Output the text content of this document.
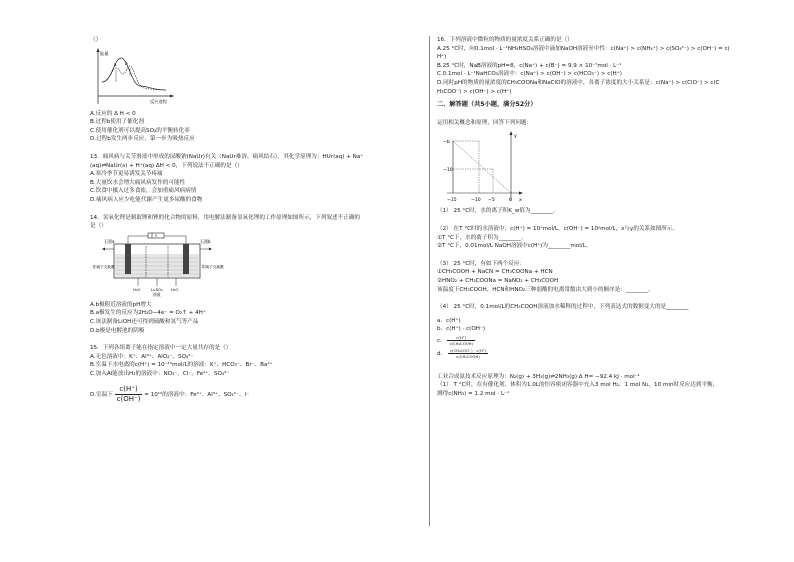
（）
a b
能量
反应进程
A.反应的 Δ H < 0
B.过程b使用了催化剂
C.使用催化剂可以提高SO₂的平衡转化率
D.过程b发生两步反应，第一步为吸热反应
13．痛风病与关节滑液中形成的尿酸钠(NaUr)有关（NaUr难溶，痛风结石），其化学原理为：HUr(aq) + Na⁺
(aq)⇌NaUr(s) + H⁺(aq) ΔH < 0，下列说法不正确的是（）
A.寒冷季节更易诱发关节疼痛
B.大量饮水会增大痛风病发作的可能性
C.饮食中摄入过多食盐，会加重痛风病病情
D.痛风病人应少吃能代谢产生更多尿酸的食物
14．氢氧化锂是制取锂和锂的化合物的原料，用电解法制备氢氧化锂的工作原理如图所示，下列叙述不正确的
是（）
石墨a	石墨b
阳离子交换膜	阴离子交换膜
H₂O	Li₂SO₄
溶液
H₂O
A.b极附近溶液的pH增大
B.a极发生的反应为2H₂O−4e⁻ = O₂↑ + 4H⁺
C.该法制备LiOH还可得到硫酸和氢气等产品
D.b极是电解池的阴极
15．下列各组离子能在指定溶液中一定大量共存的是（）
A.无色溶液中：K⁺、Al³⁺、AlO₂⁻、SO₄²⁻
B.室温下水电离的c(H⁺) = 10⁻¹³mol/L的溶液：K⁺、HCO₃⁻、Br⁻、Ba²⁺
C.加入Al能放出H₂的溶液中：NO₃⁻、Cl⁻、Fe²⁺、SO₄²⁻
D.室温下 $\frac{c(H^+)}{c(OH^-)} = 10^{12}$的溶液中：Fe²⁺、Al³⁺、SO₄²⁻、I⁻
16．下列溶液中微粒的物质的量浓度关系正确的是（）
A.25 °C时，向0.1mol · L⁻¹NH₄HSO₄溶液中滴加NaOH溶液至中性：c(Na⁺) > c(NH₄⁺) > c(SO₄²⁻) > c(OH⁻) = c(
H⁺)
B.25 °C时，NaB溶液的pH=8，c(Na⁺) + c(B⁻) = 9.9 × 10⁻⁷mol · L⁻¹
C.0.1mol · L⁻¹NaHCO₃溶液中：c(Na⁺) > c(OH⁻) > c(HCO₃⁻) > c(H⁺)
D.同时pH的物质的量浓度的CH₃COONa和NaClO的溶液中，各离子浓度的大小关系是：c(Na⁺) > c(ClO⁻) > c(C
H₃COO⁻) > c(OH⁻) > c(H⁺)
二、解答题（共5小题，满分52分）
运用相关概念和原理，回答下列问题：
y
−b
−10
−15	−10 −5	0 x
（1） 25 °C时，水的离子积K_w值为________。
（2） 在T °C时的水溶液中，c(H⁺) = 10ˣmol/L，c(OH⁻) = 10ʸmol/L，x与y的关系如图所示。
①T °C下，水的离子积为________。
②T °C下，0.01mol/L NaOH溶液中c(H⁺)为________mol/L。
（3） 25 °C时，有如下两个反应：
①CH₃COOH + NaCN = CH₃COONa + HCN
②HNO₂ + CH₃COONa = NaNO₂ + CH₃COOH
该温度下CH₃COOH、HCN和HNO₂三种弱酸的电离常数由大到小的顺序是：________。
（4） 25 °C时，0.1mol/L的CH₃COOH溶液加水稀释的过程中，下列表达式的数据变大的是________
a．c(H⁺)
b．c(H⁺) · c(OH⁻)
c． $\frac{c(H^+)}{\text{c(CH₃COOH)}}$
d． $\frac{\text{c(CH₃COO⁻) · c(H⁺)}}{\text{c(CH₃COOH)}}$
工业合成氨技术反应原理为：N₂(g) + 3H₂(g)⇌2NH₃(g) Δ H= −92.4 kJ · mol⁻¹
（1） T °C时，在有催化剂、体积为1.0L的恒容密闭容器中充入3 mol H₂、1 mol N₂，10 min时反应达到平衡，
测得c(NH₃) = 1.2 mol · L⁻¹
